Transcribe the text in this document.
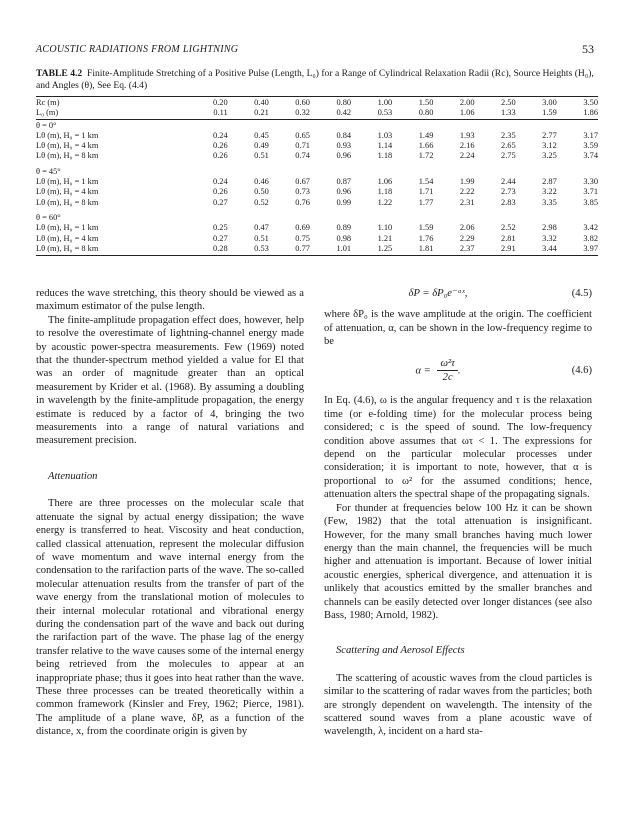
ACOUSTIC RADIATIONS FROM LIGHTNING	53
TABLE 4.2 Finite-Amplitude Stretching of a Positive Pulse (Length, L₀) for a Range of Cylindrical Relaxation Radii (Rc), Source Heights (H₀), and Angles (θ), See Eq. (4.4)
Rc (m)	0.20	0.40	0.60	0.80	1.00	1.50	2.00	2.50	3.00	3.50
L₀ (m)	0.11	0.21	0.32	0.42	0.53	0.80	1.06	1.33	1.59	1.86
θ = 0°										
Lθ (m), H₀ = 1 km	0.24	0.45	0.65	0.84	1.03	1.49	1.93	2.35	2.77	3.17
Lθ (m), H₀ = 4 km	0.26	0.49	0.71	0.93	1.14	1.66	2.16	2.65	3.12	3.59
Lθ (m), H₀ = 8 km	0.26	0.51	0.74	0.96	1.18	1.72	2.24	2.75	3.25	3.74
θ = 45°										
Lθ (m), H₀ = 1 km	0.24	0.46	0.67	0.87	1.06	1.54	1.99	2.44	2.87	3.30
Lθ (m), H₀ = 4 km	0.26	0.50	0.73	0.96	1.18	1.71	2.22	2.73	3.22	3.71
Lθ (m), H₀ = 8 km	0.27	0.52	0.76	0.99	1.22	1.77	2.31	2.83	3.35	3.85
θ = 60°										
Lθ (m), H₀ = 1 km	0.25	0.47	0.69	0.89	1.10	1.59	2.06	2.52	2.98	3.42
Lθ (m), H₀ = 4 km	0.27	0.51	0.75	0.98	1.21	1.76	2.29	2.81	3.32	3.82
Lθ (m), H₀ = 8 km	0.28	0.53	0.77	1.01	1.25	1.81	2.37	2.91	3.44	3.97

reduces the wave stretching, this theory should be viewed as a maximum estimator of the pulse length.

The finite-amplitude propagation effect does, however, help to resolve the overestimate of lightning-channel energy made by acoustic power-spectra measurements. Few (1969) noted that the thunder-spectrum method yielded a value for El that was an order of magnitude greater than an optical measurement by Krider et al. (1968). By assuming a doubling in wavelength by the finite-amplitude propagation, the energy estimate is reduced by a factor of 4, bringing the two measurements into a range of natural variations and measurement precision.

Attenuation

There are three processes on the molecular scale that attenuate the signal by actual energy dissipation; the wave energy is transferred to heat. Viscosity and heat conduction, called classical attenuation, represent the molecular diffusion of wave momentum and wave internal energy from the condensation to the rarifaction parts of the wave. The so-called molecular attenuation results from the transfer of part of the wave energy from the translational motion of molecules to their internal molecular rotational and vibrational energy during the condensation part of the wave and back out during the rarifaction part of the wave. The phase lag of the energy transfer relative to the wave causes some of the internal energy being retrieved from the molecules to appear at an inappropriate phase; thus it goes into heat rather than the wave. These three processes can be treated theoretically within a common framework (Kinsler and Frey, 1962; Pierce, 1981). The amplitude of a plane wave, δP, as a function of the distance, x, from the coordinate origin is given by

δP = δP₀e⁻ᵅˣ,	(4.5)

where δP₀ is the wave amplitude at the origin. The coefficient of attenuation, α, can be shown in the low-frequency regime to be

$\alpha = \frac{\text{ω²τ}}{2c}$ .	(4.6)

In Eq. (4.6), ω is the angular frequency and τ is the relaxation time (or e-folding time) for the molecular process being considered; c is the speed of sound. The low-frequency condition above assumes that ωτ < 1. The expressions for depend on the particular molecular processes under consideration; it is important to note, however, that α is proportional to ω² for the assumed conditions; hence, attenuation alters the spectral shape of the propagating signals.

For thunder at frequencies below 100 Hz it can be shown (Few, 1982) that the total attenuation is insignificant. However, for the many small branches having much lower energy than the main channel, the frequencies will be much higher and attenuation is important. Because of lower initial acoustic energies, spherical divergence, and attenuation it is unlikely that acoustics emitted by the smaller branches and channels can be easily detected over longer distances (see also Bass, 1980; Arnold, 1982).

Scattering and Aerosol Effects

The scattering of acoustic waves from the cloud particles is similar to the scattering of radar waves from the particles; both are strongly dependent on wavelength. The intensity of the scattered sound waves from a plane acoustic wave of wavelength, λ, incident on a hard sta-
